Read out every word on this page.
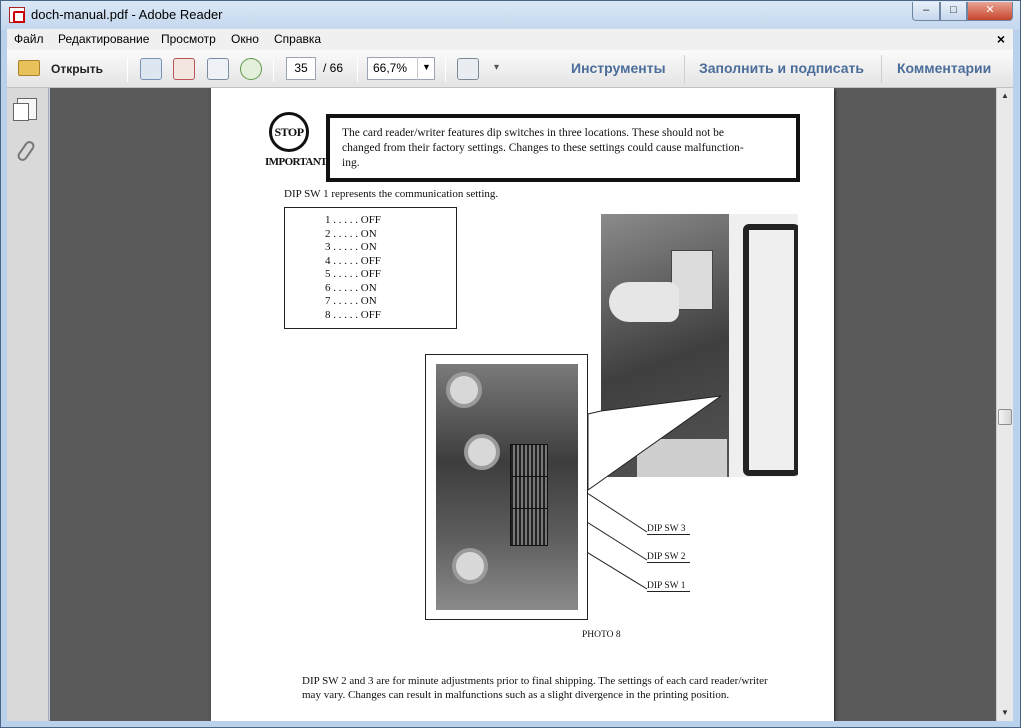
doch-manual.pdf - Adobe Reader	–	□	✕
Файл Редактирование Просмотр Окно Справка	×
Открыть	35	/ 66	66,7%	▼	▾	Инструменты Заполнить и подписать Комментарии
STOP
IMPORTANT!
The card reader/writer features dip switches in three locations. These should not be
changed from their factory settings. Changes to these settings could cause malfunction-
ing.
DIP SW 1 represents the communication setting.
1 . . . . . OFF
2 . . . . . ON
3 . . . . . ON
4 . . . . . OFF
5 . . . . . OFF
6 . . . . . ON
7 . . . . . ON
8 . . . . . OFF
DIP SW 3
DIP SW 2
DIP SW 1
PHOTO 8
DIP SW 2 and 3 are for minute adjustments prior to final shipping. The settings of each card reader/writer
may vary. Changes can result in malfunctions such as a slight divergence in the printing position.
▲
▼
